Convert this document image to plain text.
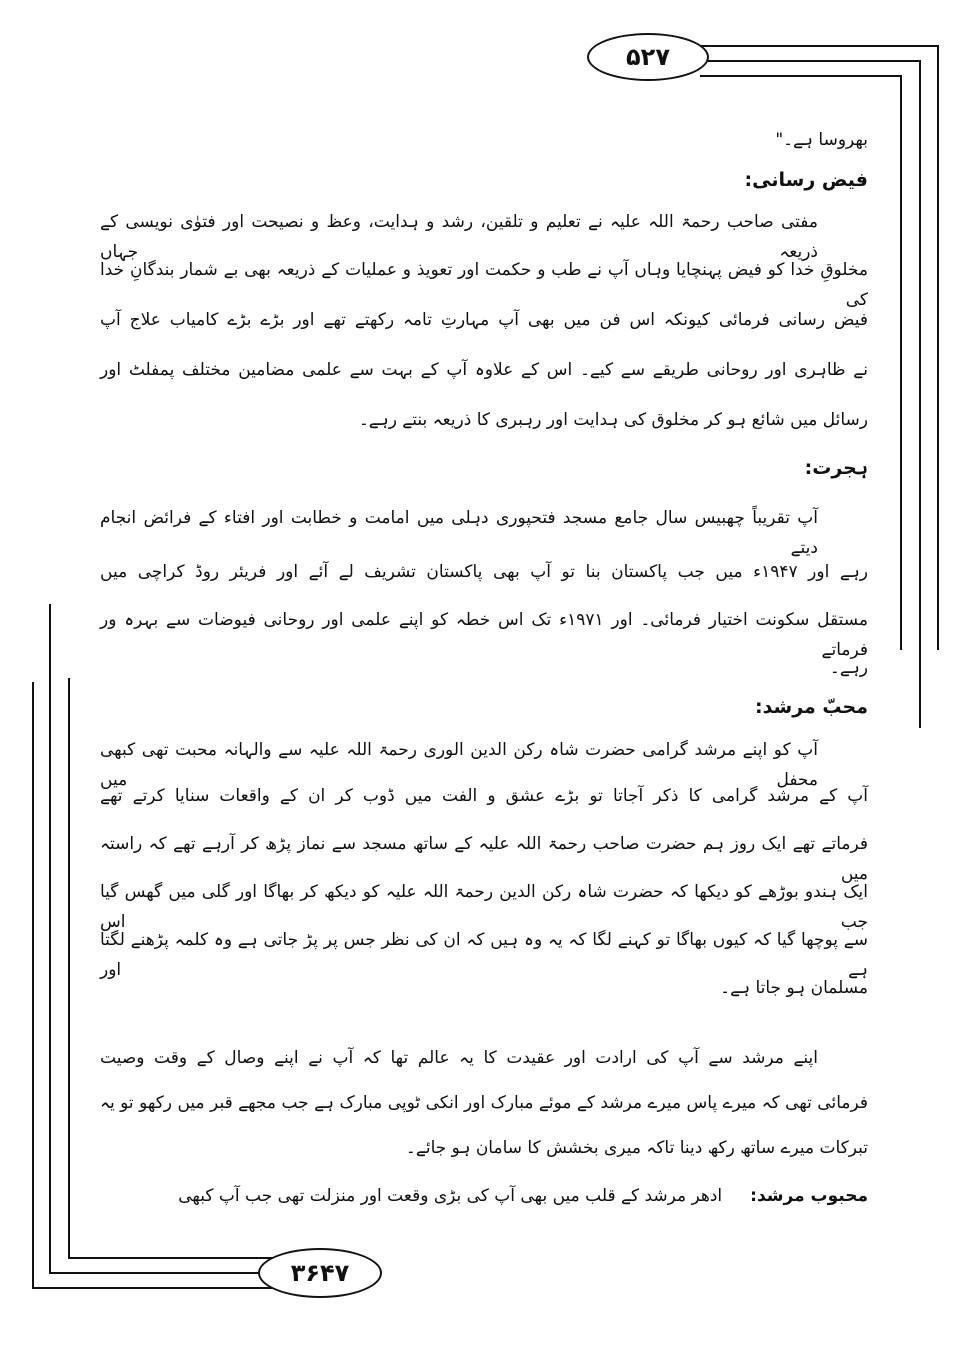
۵۲۷
۳۶۴۷
بھروسا ہے۔"
فیض رسانی:
مفتی صاحب رحمۃ اللہ علیہ نے تعلیم و تلقین، رشد و ہدایت، وعظ و نصیحت اور فتوٰی نویسی کے ذریعہ جہاں
مخلوقِ خدا کو فیض پہنچایا وہاں آپ نے طب و حکمت اور تعویذ و عملیات کے ذریعہ بھی بے شمار بندگانِ خدا کی
فیض رسانی فرمائی کیونکہ اس فن میں بھی آپ مہارتِ تامہ رکھتے تھے اور بڑے بڑے کامیاب علاج آپ
نے ظاہری اور روحانی طریقے سے کیے۔ اس کے علاوہ آپ کے بہت سے علمی مضامین مختلف پمفلٹ اور
رسائل میں شائع ہو کر مخلوق کی ہدایت اور رہبری کا ذریعہ بنتے رہے۔
ہجرت:
آپ تقریباً چھبیس سال جامع مسجد فتحپوری دہلی میں امامت و خطابت اور افتاء کے فرائض انجام دیتے
رہے اور ۱۹۴۷ء میں جب پاکستان بنا تو آپ بھی پاکستان تشریف لے آئے اور فریئر روڈ کراچی میں
مستقل سکونت اختیار فرمائی۔ اور ۱۹۷۱ء تک اس خطہ کو اپنے علمی اور روحانی فیوضات سے بہرہ ور فرماتے
رہے۔
محبّ مرشد:
آپ کو اپنے مرشد گرامی حضرت شاہ رکن الدین الوری رحمۃ اللہ علیہ سے والہانہ محبت تھی کبھی محفل میں
آپ کے مرشد گرامی کا ذکر آجاتا تو بڑے عشق و الفت میں ڈوب کر ان کے واقعات سنایا کرتے تھے
فرماتے تھے ایک روز ہم حضرت صاحب رحمۃ اللہ علیہ کے ساتھ مسجد سے نماز پڑھ کر آرہے تھے کہ راستہ میں
ایک ہندو بوڑھے کو دیکھا کہ حضرت شاہ رکن الدین رحمۃ اللہ علیہ کو دیکھ کر بھاگا اور گلی میں گھس گیا جب اس
سے پوچھا گیا کہ کیوں بھاگا تو کہنے لگا کہ یہ وہ ہیں کہ ان کی نظر جس پر پڑ جاتی ہے وہ کلمہ پڑھنے لگتا ہے اور
مسلمان ہو جاتا ہے۔
اپنے مرشد سے آپ کی ارادت اور عقیدت کا یہ عالم تھا کہ آپ نے اپنے وصال کے وقت وصیت
فرمائی تھی کہ میرے پاس میرے مرشد کے موئے مبارک اور انکی ٹوپی مبارک ہے جب مجھے قبر میں رکھو تو یہ
تبرکات میرے ساتھ رکھ دینا تاکہ میری بخشش کا سامان ہو جائے۔
محبوب مرشد:ادھر مرشد کے قلب میں بھی آپ کی بڑی وقعت اور منزلت تھی جب آپ کبھی
